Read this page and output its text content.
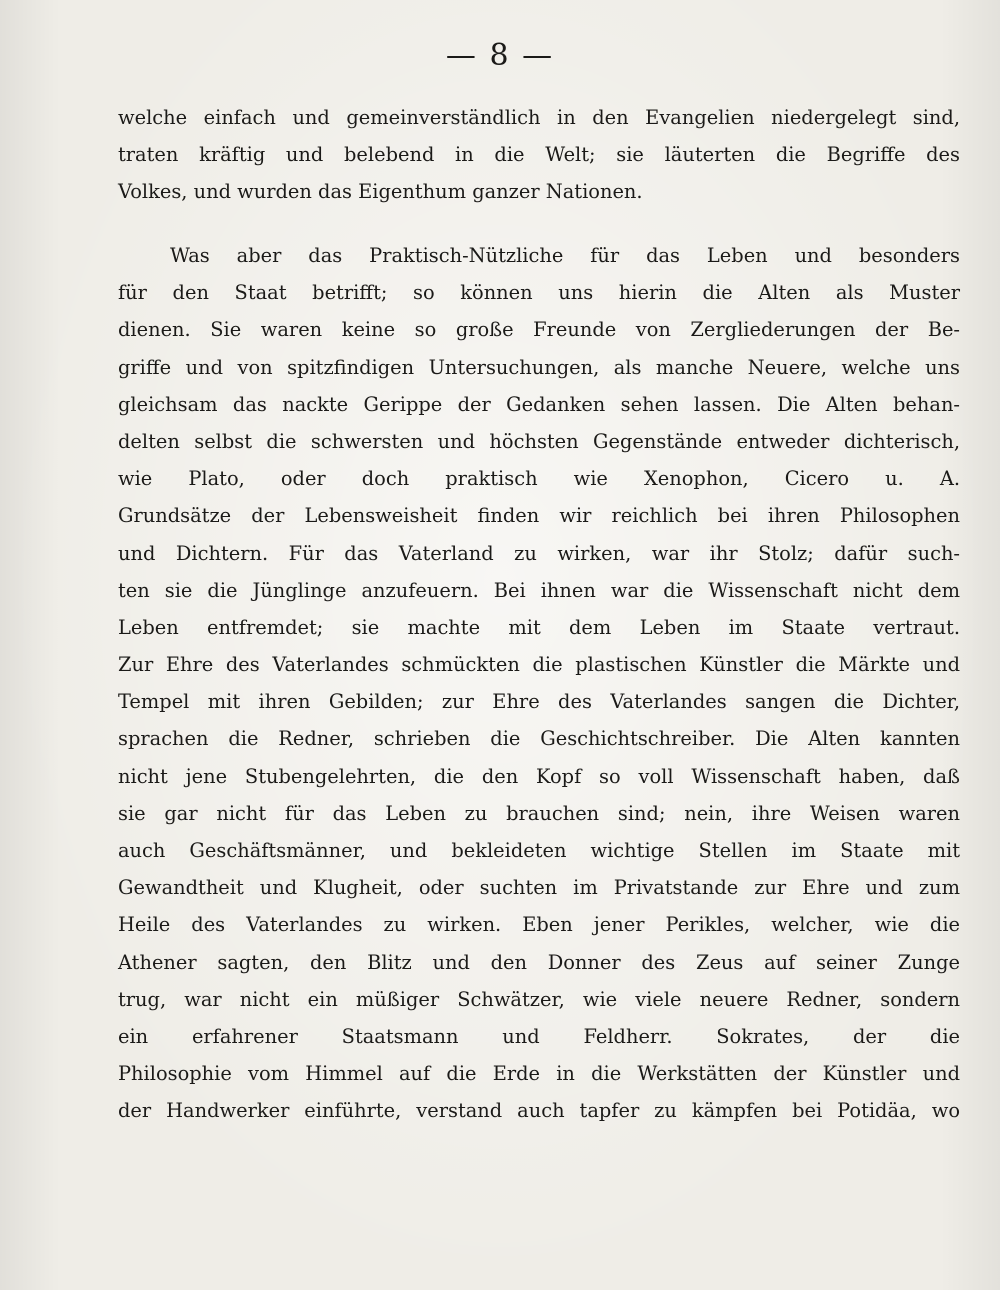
— 8 —
welche einfach und gemeinverständlich in den Evangelien niedergelegt sind,
traten kräftig und belebend in die Welt; sie läuterten die Begriffe des
Volkes, und wurden das Eigenthum ganzer Nationen.
Was aber das Praktisch-Nützliche für das Leben und besonders
für den Staat betrifft; so können uns hierin die Alten als Muster
dienen. Sie waren keine so große Freunde von Zergliederungen der Be-
griffe und von spitzfindigen Untersuchungen, als manche Neuere, welche uns
gleichsam das nackte Gerippe der Gedanken sehen lassen. Die Alten behan-
delten selbst die schwersten und höchsten Gegenstände entweder dichterisch,
wie Plato, oder doch praktisch wie Xenophon, Cicero u. A.
Grundsätze der Lebensweisheit finden wir reichlich bei ihren Philosophen
und Dichtern. Für das Vaterland zu wirken, war ihr Stolz; dafür such-
ten sie die Jünglinge anzufeuern. Bei ihnen war die Wissenschaft nicht dem
Leben entfremdet; sie machte mit dem Leben im Staate vertraut.
Zur Ehre des Vaterlandes schmückten die plastischen Künstler die Märkte und
Tempel mit ihren Gebilden; zur Ehre des Vaterlandes sangen die Dichter,
sprachen die Redner, schrieben die Geschichtschreiber. Die Alten kannten
nicht jene Stubengelehrten, die den Kopf so voll Wissenschaft haben, daß
sie gar nicht für das Leben zu brauchen sind; nein, ihre Weisen waren
auch Geschäftsmänner, und bekleideten wichtige Stellen im Staate mit
Gewandtheit und Klugheit, oder suchten im Privatstande zur Ehre und zum
Heile des Vaterlandes zu wirken. Eben jener Perikles, welcher, wie die
Athener sagten, den Blitz und den Donner des Zeus auf seiner Zunge
trug, war nicht ein müßiger Schwätzer, wie viele neuere Redner, sondern
ein erfahrener Staatsmann und Feldherr. Sokrates, der die
Philosophie vom Himmel auf die Erde in die Werkstätten der Künstler und
der Handwerker einführte, verstand auch tapfer zu kämpfen bei Potidäa, wo
